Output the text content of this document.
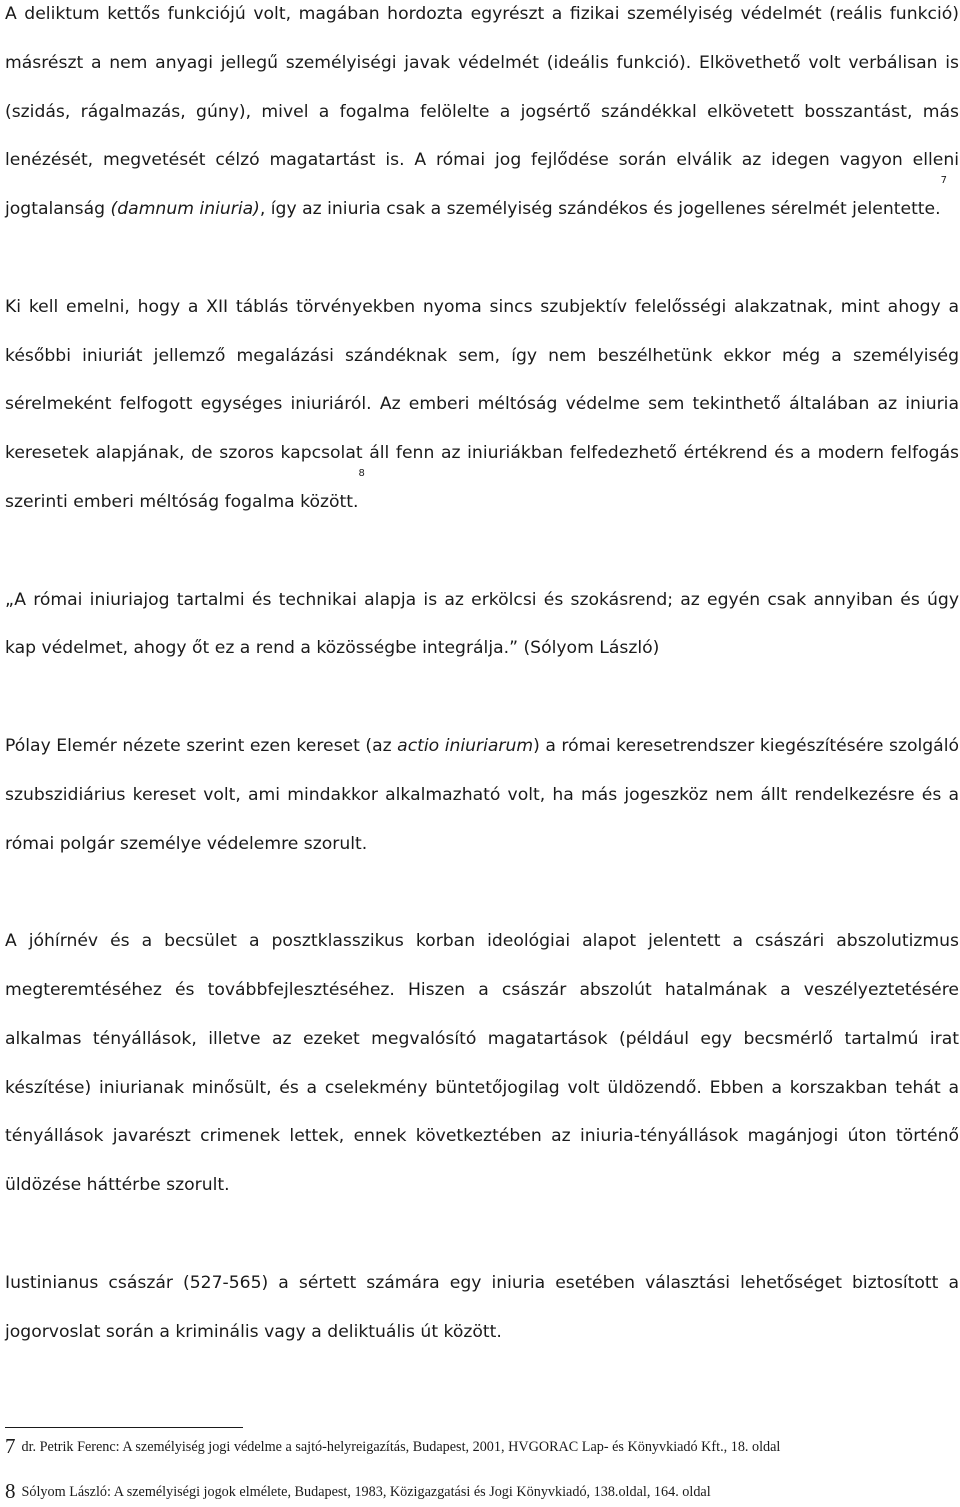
A deliktum kettős funkciójú volt, magában hordozta egyrészt a fizikai személyiség védelmét (reális funkció) másrészt a nem anyagi jellegű személyiségi javak védelmét (ideális funkció). Elkövethető volt verbálisan is (szidás, rágalmazás, gúny), mivel a fogalma felölelte a jogsértő szándékkal elkövetett bosszantást, más lenézését, megvetését célzó magatartást is. A római jog fejlődése során elválik az idegen vagyon elleni jogtalanság (damnum iniuria), így az iniuria csak a személyiség szándékos és jogellenes sérelmét jelentette.$^7$

Ki kell emelni, hogy a XII táblás törvényekben nyoma sincs szubjektív felelősségi alakzatnak, mint ahogy a későbbi iniuriát jellemző megalázási szándéknak sem, így nem beszélhetünk ekkor még a személyiség sérelmeként felfogott egységes iniuriáról. Az emberi méltóság védelme sem tekinthető általában az iniuria keresetek alapjának, de szoros kapcsolat áll fenn az iniuriákban felfedezhető értékrend és a modern felfogás szerinti emberi méltóság fogalma között.$^8$

„A római iniuriajog tartalmi és technikai alapja is az erkölcsi és szokásrend; az egyén csak annyiban és úgy kap védelmet, ahogy őt ez a rend a közösségbe integrálja.” (Sólyom László)

Pólay Elemér nézete szerint ezen kereset (az actio iniuriarum) a római keresetrendszer kiegészítésére szolgáló szubszidiárius kereset volt, ami mindakkor alkalmazható volt, ha más jogeszköz nem állt rendelkezésre és a római polgár személye védelemre szorult.

A jóhírnév és a becsület a posztklasszikus korban ideológiai alapot jelentett a császári abszolutizmus megteremtéséhez és továbbfejlesztéséhez. Hiszen a császár abszolút hatalmának a veszélyeztetésére alkalmas tényállások, illetve az ezeket megvalósító magatartások (például egy becsmérlő tartalmú irat készítése) iniurianak minősült, és a cselekmény büntetőjogilag volt üldözendő. Ebben a korszakban tehát a tényállások javarészt crimenek lettek, ennek következtében az iniuria-tényállások magánjogi úton történő üldözése háttérbe szorult.

Iustinianus császár (527-565) a sértett számára egy iniuria esetében választási lehetőséget biztosított a jogorvoslat során a kriminális vagy a deliktuális út között.

7 dr. Petrik Ferenc: A személyiség jogi védelme a sajtó-helyreigazítás, Budapest, 2001, HVGORAC Lap- és Könyvkiadó Kft., 18. oldal
8 Sólyom László: A személyiségi jogok elmélete, Budapest, 1983, Közigazgatási és Jogi Könyvkiadó, 138.oldal, 164. oldal
